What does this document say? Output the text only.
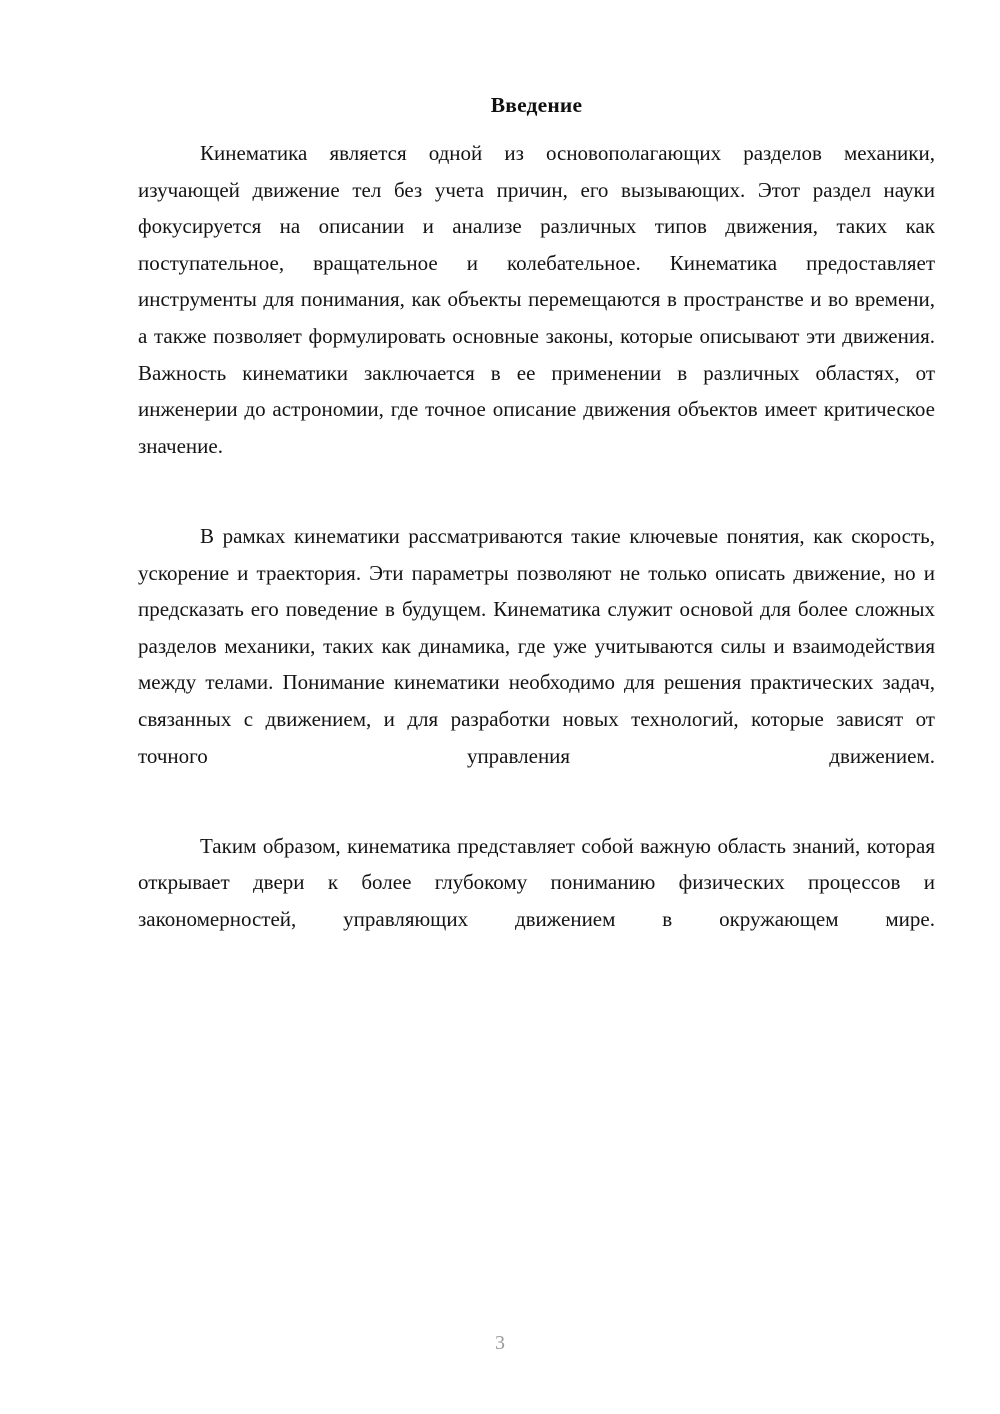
Введение

Кинематика является одной из основополагающих разделов механики, изучающей движение тел без учета причин, его вызывающих. Этот раздел науки фокусируется на описании и анализе различных типов движения, таких как поступательное, вращательное и колебательное. Кинематика предоставляет инструменты для понимания, как объекты перемещаются в пространстве и во времени, а также позволяет формулировать основные законы, которые описывают эти движения. Важность кинематики заключается в ее применении в различных областях, от инженерии до астрономии, где точное описание движения объектов имеет критическое значение.

В рамках кинематики рассматриваются такие ключевые понятия, как скорость, ускорение и траектория. Эти параметры позволяют не только описать движение, но и предсказать его поведение в будущем. Кинематика служит основой для более сложных разделов механики, таких как динамика, где уже учитываются силы и взаимодействия между телами. Понимание кинематики необходимо для решения практических задач, связанных с движением, и для разработки новых технологий, которые зависят от точного управления движением.

Таким образом, кинематика представляет собой важную область знаний, которая открывает двери к более глубокому пониманию физических процессов и закономерностей, управляющих движением в окружающем мире.

3
